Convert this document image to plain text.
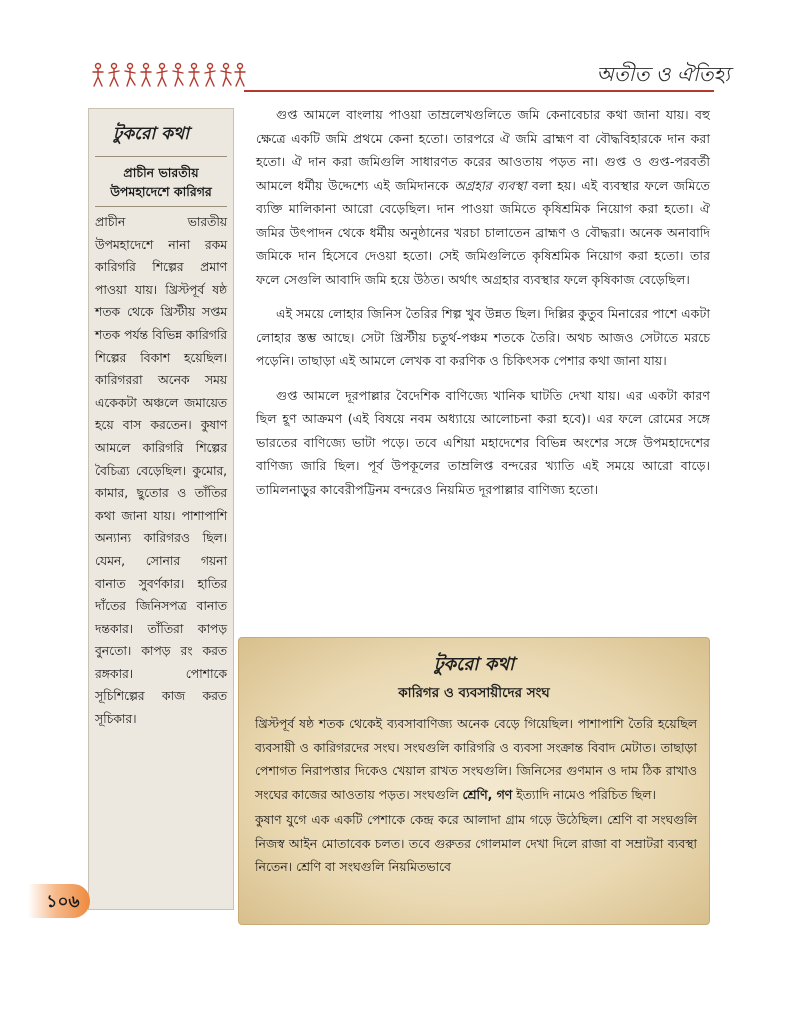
অতীত ও ঐতিহ্য
টুকরো কথা
প্রাচীন ভারতীয় উপমহাদেশে কারিগর
প্রাচীন ভারতীয় উপমহাদেশে নানা রকম কারিগরি শিল্পের প্রমাণ পাওয়া যায়। খ্রিস্টপূর্ব ষষ্ঠ শতক থেকে খ্রিস্টীয় সপ্তম শতক পর্যন্ত বিভিন্ন কারিগরি শিল্পের বিকাশ হয়েছিল। কারিগররা অনেক সময় একেকটা অঞ্চলে জমায়েত হয়ে বাস করতেন। কুষাণ আমলে কারিগরি শিল্পের বৈচিত্র্য বেড়েছিল। কুমোর, কামার, ছুতোর ও তাঁতির কথা জানা যায়। পাশাপাশি অন্যান্য কারিগরও ছিল। যেমন, সোনার গয়না বানাত সুবর্ণকার। হাতির দাঁতের জিনিসপত্র বানাত দন্তকার। তাঁতিরা কাপড় বুনতো। কাপড় রং করত রঙ্গকার। পোশাকে সূচিশিল্পের কাজ করত সূচিকার।
১০৬

গুপ্ত আমলে বাংলায় পাওয়া তাম্রলেখগুলিতে জমি কেনাবেচার কথা জানা যায়। বহু ক্ষেত্রে একটি জমি প্রথমে কেনা হতো। তারপরে ঐ জমি ব্রাহ্মণ বা বৌদ্ধবিহারকে দান করা হতো। ঐ দান করা জমিগুলি সাধারণত করের আওতায় পড়ত না। গুপ্ত ও গুপ্ত-পরবর্তী আমলে ধর্মীয় উদ্দেশ্যে এই জমিদানকে অগ্রহার ব্যবস্থা বলা হয়। এই ব্যবস্থার ফলে জমিতে ব্যক্তি মালিকানা আরো বেড়েছিল। দান পাওয়া জমিতে কৃষিশ্রমিক নিয়োগ করা হতো। ঐ জমির উৎপাদন থেকে ধর্মীয় অনুষ্ঠানের খরচা চালাতেন ব্রাহ্মণ ও বৌদ্ধরা। অনেক অনাবাদি জমিকে দান হিসেবে দেওয়া হতো। সেই জমিগুলিতে কৃষিশ্রমিক নিয়োগ করা হতো। তার ফলে সেগুলি আবাদি জমি হয়ে উঠত। অর্থাৎ অগ্রহার ব্যবস্থার ফলে কৃষিকাজ বেড়েছিল।

এই সময়ে লোহার জিনিস তৈরির শিল্প খুব উন্নত ছিল। দিল্লির কুতুব মিনারের পাশে একটা লোহার স্তম্ভ আছে। সেটা খ্রিস্টীয় চতুর্থ-পঞ্চম শতকে তৈরি। অথচ আজও সেটাতে মরচে পড়েনি। তাছাড়া এই আমলে লেখক বা করণিক ও চিকিৎসক পেশার কথা জানা যায়।

গুপ্ত আমলে দূরপাল্লার বৈদেশিক বাণিজ্যে খানিক ঘাটতি দেখা যায়। এর একটা কারণ ছিল হূণ আক্রমণ (এই বিষয়ে নবম অধ্যায়ে আলোচনা করা হবে)। এর ফলে রোমের সঙ্গে ভারতের বাণিজ্যে ভাটা পড়ে। তবে এশিয়া মহাদেশের বিভিন্ন অংশের সঙ্গে উপমহাদেশের বাণিজ্য জারি ছিল। পূর্ব উপকূলের তাম্রলিপ্ত বন্দরের খ্যাতি এই সময়ে আরো বাড়ে। তামিলনাড়ুর কাবেরীপট্টিনম বন্দরেও নিয়মিত দূরপাল্লার বাণিজ্য হতো।

টুকরো কথা
কারিগর ও ব্যবসায়ীদের সংঘ

খ্রিস্টপূর্ব ষষ্ঠ শতক থেকেই ব্যবসাবাণিজ্য অনেক বেড়ে গিয়েছিল। পাশাপাশি তৈরি হয়েছিল ব্যবসায়ী ও কারিগরদের সংঘ। সংঘগুলি কারিগরি ও ব্যবসা সংক্রান্ত বিবাদ মেটাত। তাছাড়া পেশাগত নিরাপত্তার দিকেও খেয়াল রাখত সংঘগুলি। জিনিসের গুণমান ও দাম ঠিক রাখাও সংঘের কাজের আওতায় পড়ত। সংঘগুলি শ্রেণি, গণ ইত্যাদি নামেও পরিচিত ছিল।

কুষাণ যুগে এক একটি পেশাকে কেন্দ্র করে আলাদা গ্রাম গড়ে উঠেছিল। শ্রেণি বা সংঘগুলি নিজস্ব আইন মোতাবেক চলত। তবে গুরুতর গোলমাল দেখা দিলে রাজা বা সম্রাটরা ব্যবস্থা নিতেন। শ্রেণি বা সংঘগুলি নিয়মিতভাবে
